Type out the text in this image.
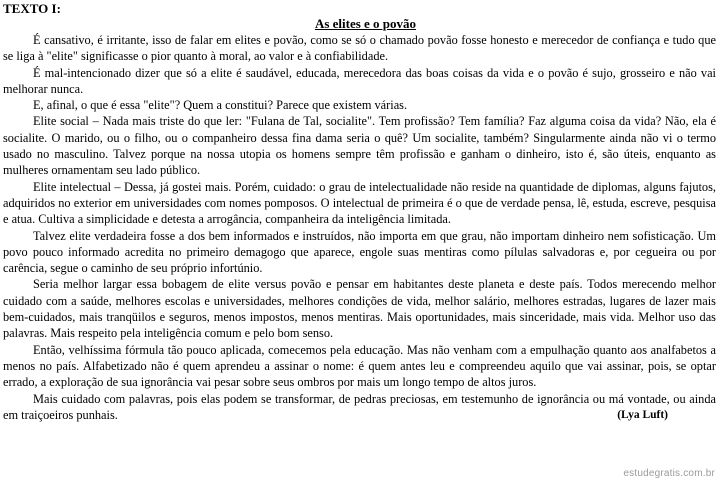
TEXTO I:
As elites e o povão

É cansativo, é irritante, isso de falar em elites e povão, como se só o chamado povão fosse honesto e merecedor de confiança e tudo que se liga à "elite" significasse o pior quanto à moral, ao valor e à confiabilidade.

É mal-intencionado dizer que só a elite é saudável, educada, merecedora das boas coisas da vida e o povão é sujo, grosseiro e não vai melhorar nunca.

E, afinal, o que é essa "elite"? Quem a constitui? Parece que existem várias.

Elite social – Nada mais triste do que ler: "Fulana de Tal, socialite". Tem profissão? Tem família? Faz alguma coisa da vida? Não, ela é socialite. O marido, ou o filho, ou o companheiro dessa fina dama seria o quê? Um socialite, também? Singularmente ainda não vi o termo usado no masculino. Talvez porque na nossa utopia os homens sempre têm profissão e ganham o dinheiro, isto é, são úteis, enquanto as mulheres ornamentam seu lado público.

Elite intelectual – Dessa, já gostei mais. Porém, cuidado: o grau de intelectualidade não reside na quantidade de diplomas, alguns fajutos, adquiridos no exterior em universidades com nomes pomposos. O intelectual de primeira é o que de verdade pensa, lê, estuda, escreve, pesquisa e atua. Cultiva a simplicidade e detesta a arrogância, companheira da inteligência limitada.

Talvez elite verdadeira fosse a dos bem informados e instruídos, não importa em que grau, não importam dinheiro nem sofisticação. Um povo pouco informado acredita no primeiro demagogo que aparece, engole suas mentiras como pílulas salvadoras e, por cegueira ou por carência, segue o caminho de seu próprio infortúnio.

Seria melhor largar essa bobagem de elite versus povão e pensar em habitantes deste planeta e deste país. Todos merecendo melhor cuidado com a saúde, melhores escolas e universidades, melhores condições de vida, melhor salário, melhores estradas, lugares de lazer mais bem-cuidados, mais tranqüilos e seguros, menos impostos, menos mentiras. Mais oportunidades, mais sinceridade, mais vida. Melhor uso das palavras. Mais respeito pela inteligência comum e pelo bom senso.

Então, velhíssima fórmula tão pouco aplicada, comecemos pela educação. Mas não venham com a empulhação quanto aos analfabetos a menos no país. Alfabetizado não é quem aprendeu a assinar o nome: é quem antes leu e compreendeu aquilo que vai assinar, pois, se optar errado, a exploração de sua ignorância vai pesar sobre seus ombros por mais um longo tempo de altos juros.

Mais cuidado com palavras, pois elas podem se transformar, de pedras preciosas, em testemunho de ignorância ou má vontade, ou ainda em traiçoeiros punhais.	(Lya Luft)

estudegratis.com.br
